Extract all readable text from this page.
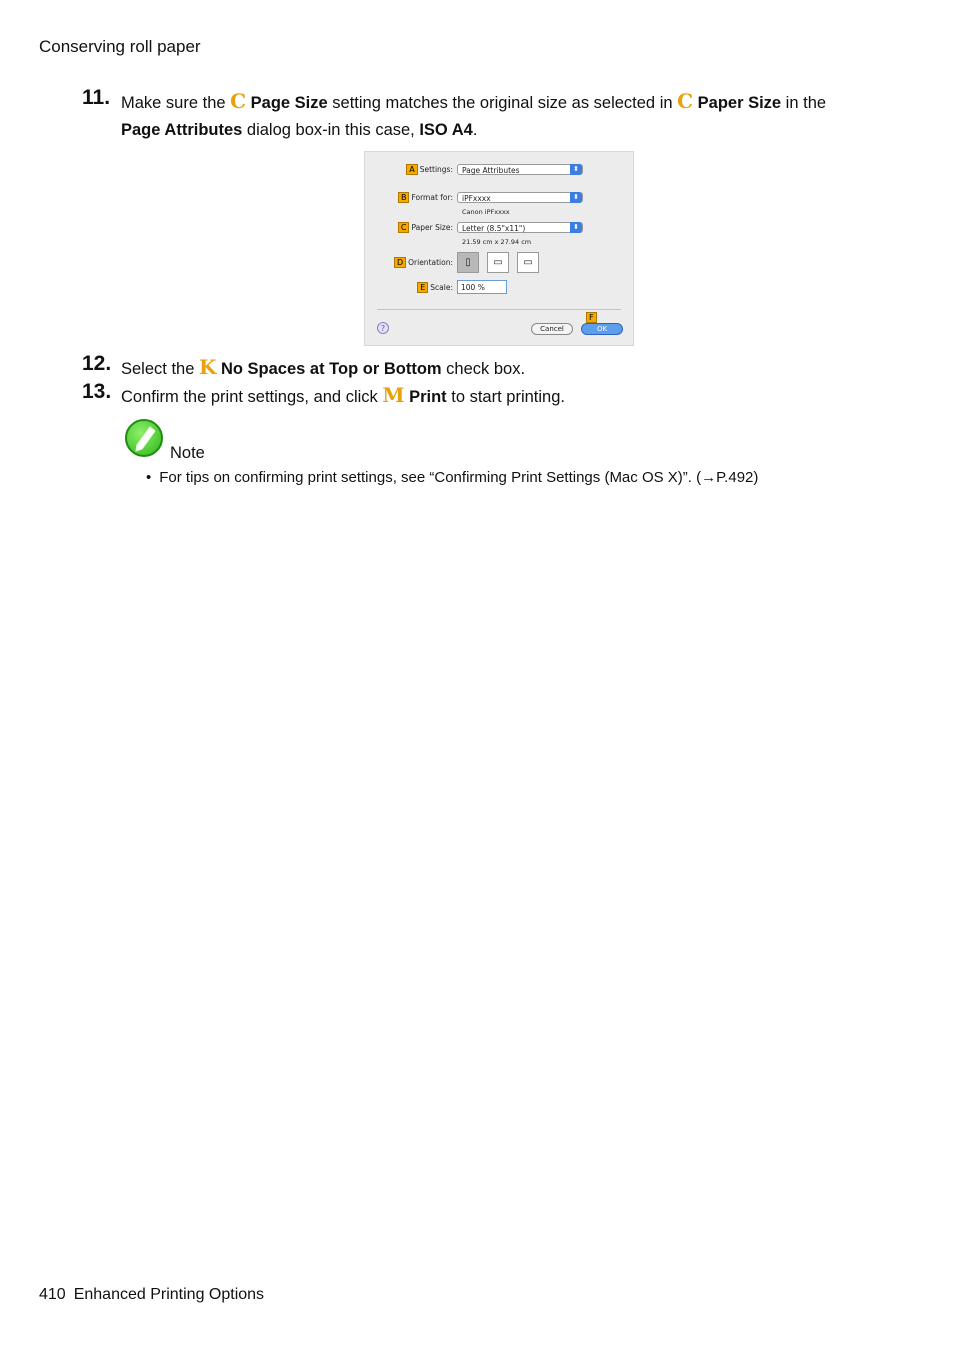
Conserving roll paper
11. Make sure the C Page Size setting matches the original size as selected in C Paper Size in the
Page Attributes dialog box-in this case, ISO A4.
A Settings:	Page Attributes	⬍
B Format for:	iPFxxxx	⬍
Canon iPFxxxx
C Paper Size:	Letter (8.5"x11")	⬍
21.59 cm x 27.94 cm
D Orientation:	▯ ▭ ▭
E Scale:	100 %
F
?	Cancel	OK
12. Select the K No Spaces at Top or Bottom check box.
13. Confirm the print settings, and click M Print to start printing.
Note
• For tips on confirming print settings, see “Confirming Print Settings (Mac OS X)”. (→P.492)
410 Enhanced Printing Options
